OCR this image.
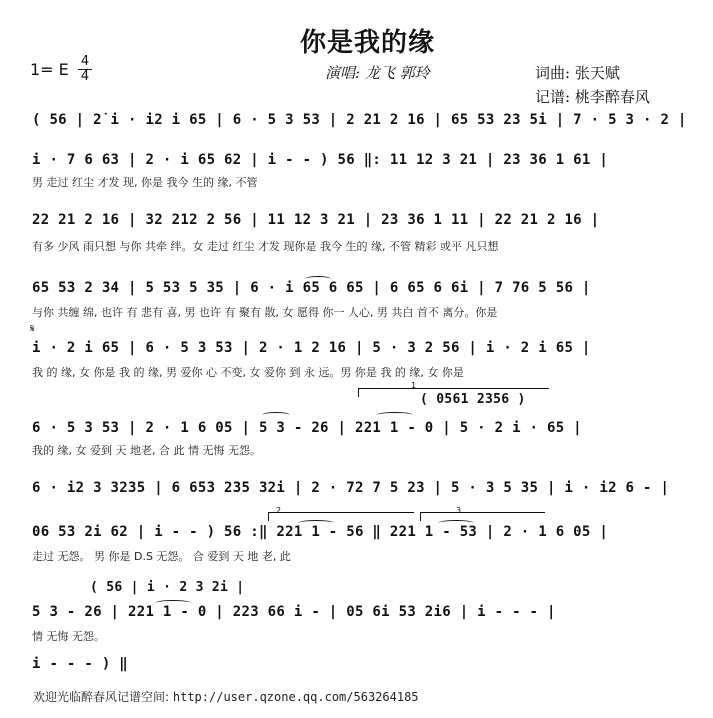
你是我的缘
1= E 4
4	演唱: 龙飞 郭玲	词曲: 张天赋
记谱: 桃李醉春风
( 56 | 2̇ i · i2 i 65 | 6 · 5 3 53 | 2 21 2 16 | 65 53 23 5i | 7 · 5 3 · 2 |
i · 7 6 63 | 2 · i 65 62 | i - - ) 56 ‖: 11 12 3 21 | 23 36 1 61 |
男 走过 红尘 才发 现, 你是 我今 生的 缘, 不管
22 21 2 16 | 32 212 2 56 | 11 12 3 21 | 23 36 1 11 | 22 21 2 16 |
有多 少风 雨只想 与你 共牵 绊。女 走过 红尘 才发 现你是 我今 生的 缘, 不管 精彩 或平 凡只想
65 53 2 34 | 5 53 5 35 | 6 · i 65 6 65 | 6 65 6 6i | 7 76 5 56 |
与你 共缠 绵, 也许 有 悲有 喜, 男 也许 有 聚有 散, 女 愿得 你一 人心, 男 共白 首不 离分。你是
𝄋
i · 2 i 65 | 6 · 5 3 53 | 2 · 1 2 16 | 5 · 3 2 56 | i · 2 i 65 |
我 的 缘, 女 你是 我 的 缘, 男 爱你 心 不变, 女 爱你 到 永 远。男 你是 我 的 缘, 女 你是
1
( 0561 2356 )
6 · 5 3 53 | 2 · 1 6 05 | 5 3 - 26 | 221 1 - 0 | 5 · 2 i · 65 |
我的 缘, 女 爱到 天 地老, 合 此 情 无悔 无怨。
6 · i2 3 3235 | 6 653 235 32i | 2 · 72 7 5 23 | 5 · 3 5 35 | i · i2 6 - |
2	3
06 53 2i 62 | i - - ) 56 :‖ 221 1 - 56 ‖ 221 1 - 53 | 2 · 1 6 05 |
走过 无怨。 男 你是 D.S 无怨。 合 爱到 天 地 老, 此
( 56 | i · 2 3 2i |
5 3 - 26 | 221 1 - 0 | 223 66 i - | 05 6i 53 2i6 | i - - - |
情 无悔 无怨。
i - - - ) ‖
欢迎光临醉春风记谱空间: http://user.qzone.qq.com/563264185
